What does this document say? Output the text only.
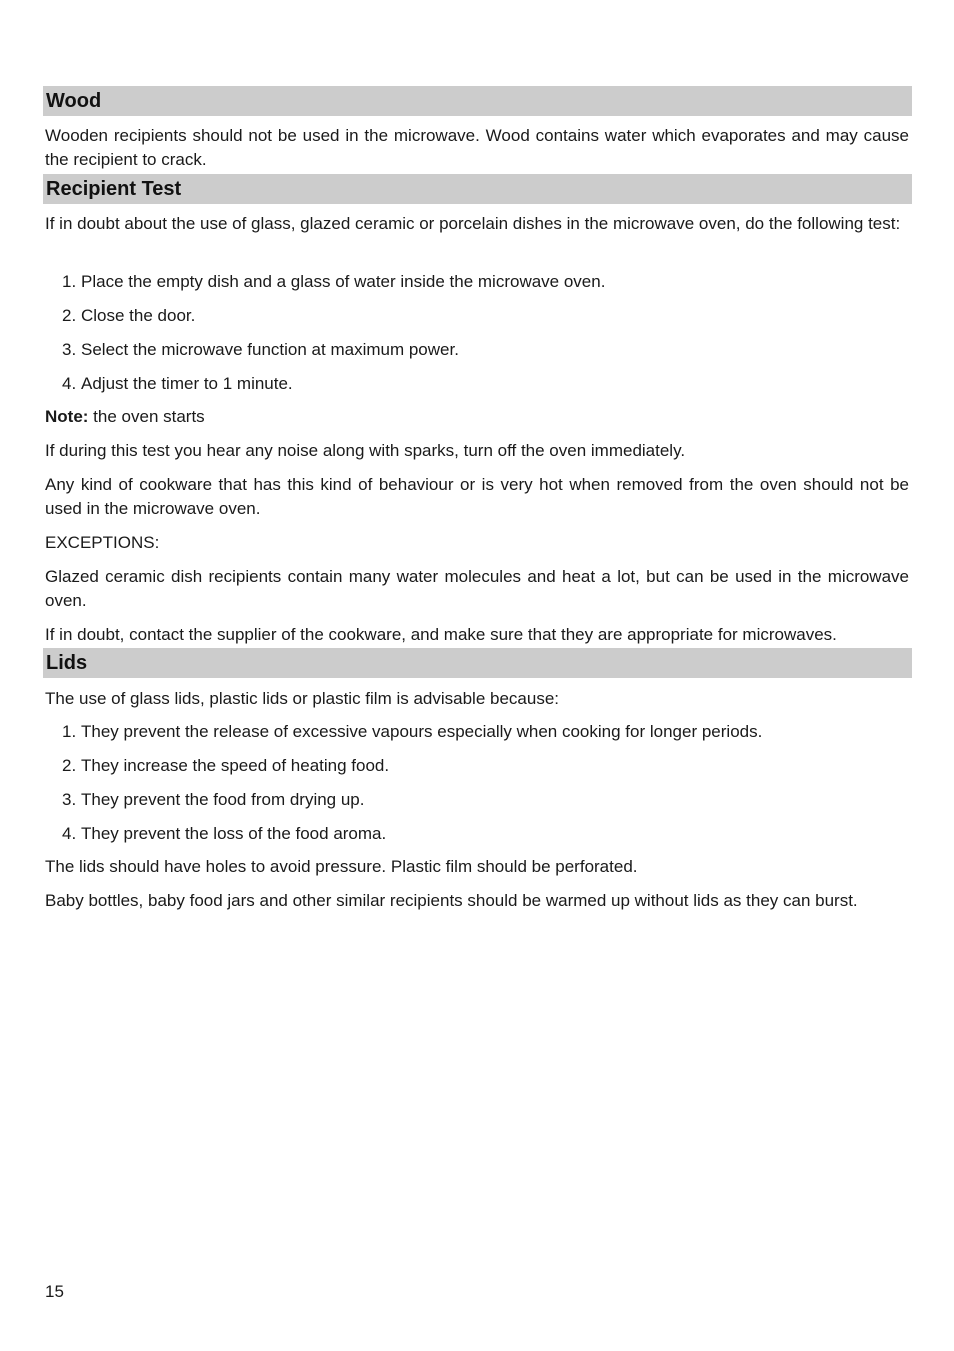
Wood

Wooden recipients should not be used in the microwave. Wood contains water which evaporates and may cause the recipient to crack.

Recipient Test

If in doubt about the use of glass, glazed ceramic or porcelain dishes in the microwave oven, do the following test:

1. Place the empty dish and a glass of water inside the microwave oven.
2. Close the door.
3. Select the microwave function at maximum power.
4. Adjust the timer to 1 minute.

Note: the oven starts

If during this test you hear any noise along with sparks, turn off the oven immediately.

Any kind of cookware that has this kind of behaviour or is very hot when removed from the oven should not be used in the microwave oven.

EXCEPTIONS:

Glazed ceramic dish recipients contain many water molecules and heat a lot, but can be used in the microwave oven.

If in doubt, contact the supplier of the cookware, and make sure that they are appropriate for microwaves.

Lids

The use of glass lids, plastic lids or plastic film is advisable because:

1. They prevent the release of excessive vapours especially when cooking for longer periods.
2. They increase the speed of heating food.
3. They prevent the food from drying up.
4. They prevent the loss of the food aroma.

The lids should have holes to avoid pressure. Plastic film should be perforated.

Baby bottles, baby food jars and other similar recipients should be warmed up without lids as they can burst.

15
